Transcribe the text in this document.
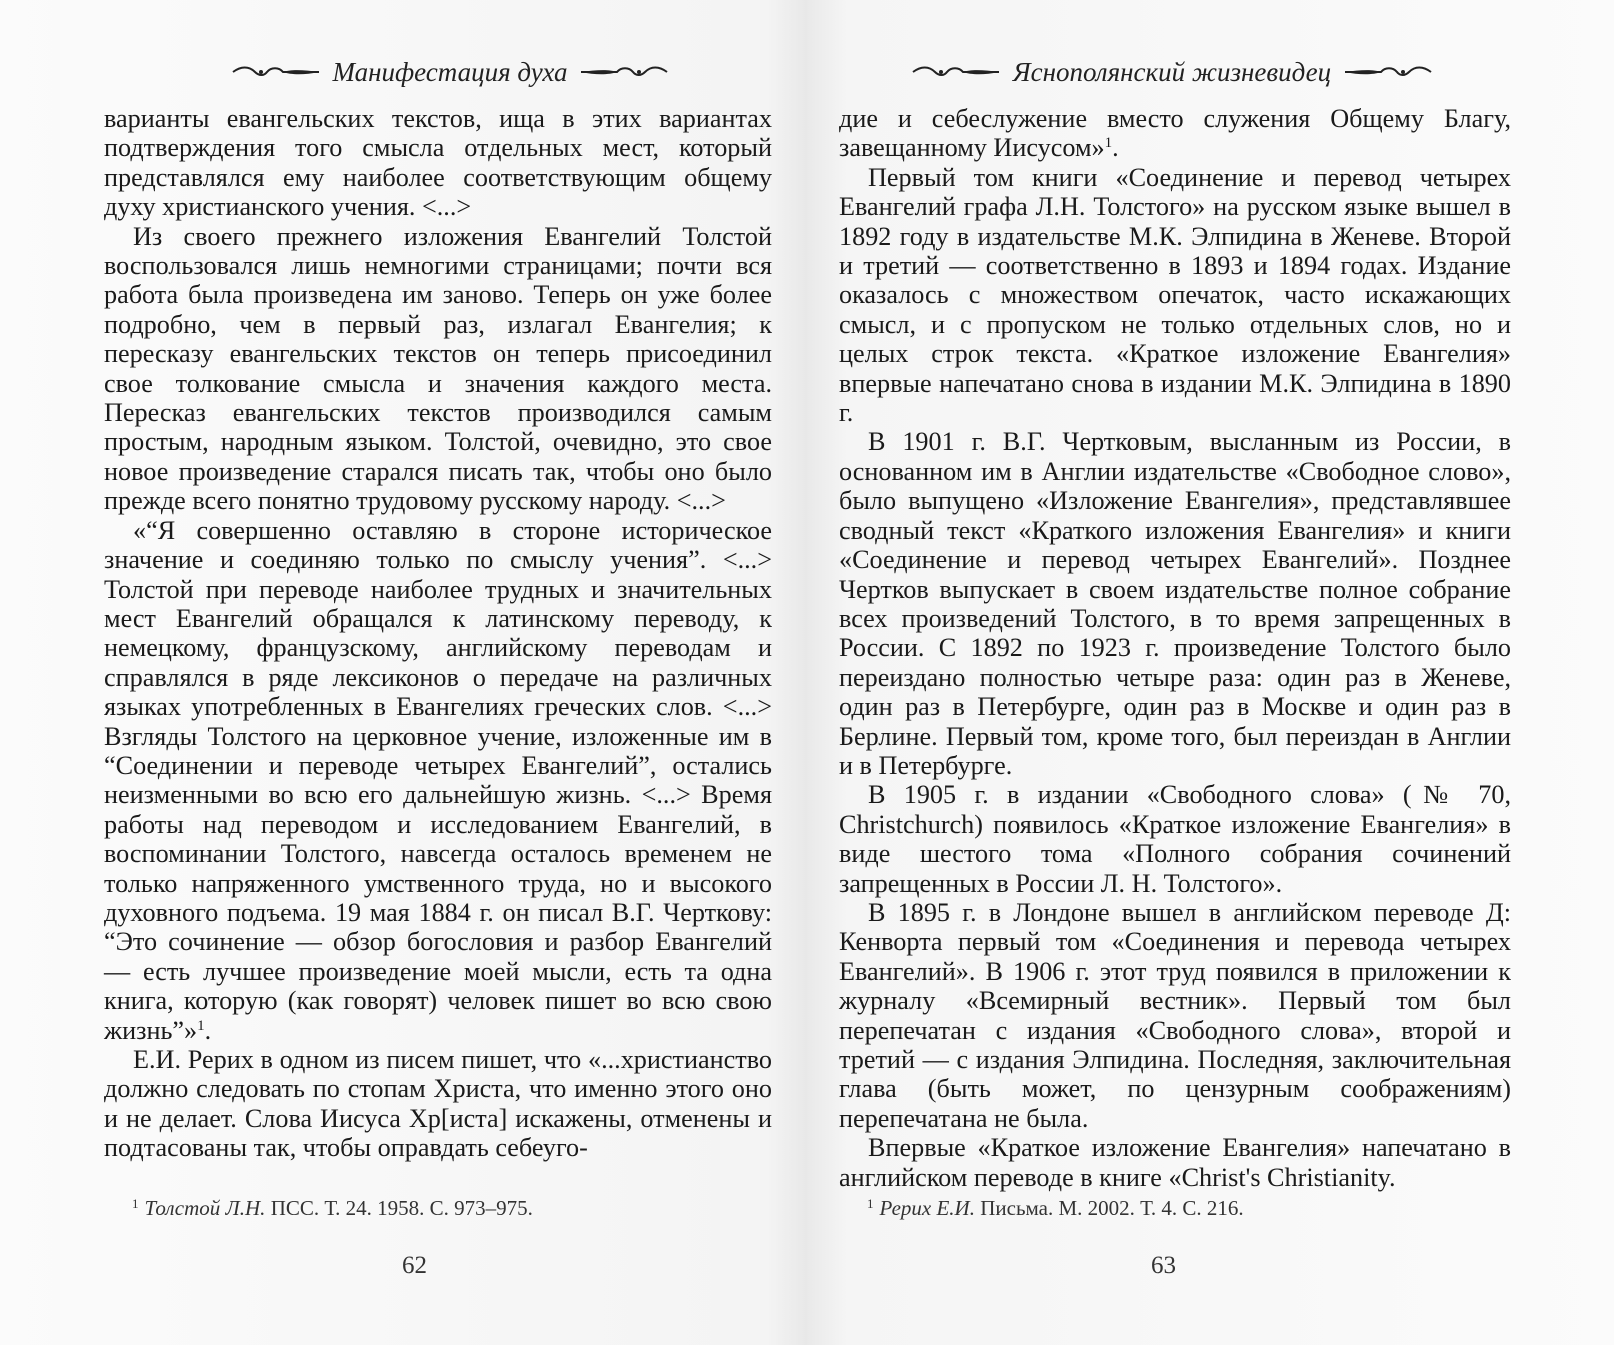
Манифестация духа

варианты евангельских текстов, ища в этих вариантах подтверждения того смысла отдельных мест, который представлялся ему наиболее соответствующим общему духу христианского учения. <...>

Из своего прежнего изложения Евангелий Толстой воспользовался лишь немногими страницами; почти вся работа была произведена им заново. Теперь он уже более подробно, чем в первый раз, излагал Евангелия; к пересказу евангельских текстов он теперь присоединил свое толкование смысла и значения каждого места. Пересказ евангельских текстов производился самым простым, народным языком. Толстой, очевидно, это свое новое произведение старался писать так, чтобы оно было прежде всего понятно трудовому русскому народу. <...>

«“Я совершенно оставляю в стороне историческое значение и соединяю только по смыслу учения”. <...> Толстой при переводе наиболее трудных и значительных мест Евангелий обращался к латинскому переводу, к немецкому, французскому, английскому переводам и справлялся в ряде лексиконов о передаче на различных языках употребленных в Евангелиях греческих слов. <...> Взгляды Толстого на церковное учение, изложенные им в “Соединении и переводе четырех Евангелий”, остались неизменными во всю его дальнейшую жизнь. <...> Время работы над переводом и исследованием Евангелий, в воспоминании Толстого, навсегда осталось временем не только напряженного умственного труда, но и высокого духовного подъема. 19 мая 1884 г. он писал В.Г. Черткову: “Это сочинение — обзор богословия и разбор Евангелий — есть лучшее произведение моей мысли, есть та одна книга, которую (как говорят) человек пишет во всю свою жизнь”»$^1$.

Е.И. Рерих в одном из писем пишет, что «...христианство должно следовать по стопам Христа, что именно этого оно и не делает. Слова Иисуса Хр[иста] искажены, отменены и подтасованы так, чтобы оправдать себеуго-

$^1$ Толстой Л.Н. ПСС. Т. 24. 1958. С. 973–975.
62
Яснополянский жизневидец

дие и себеслужение вместо служения Общему Благу, завещанному Иисусом»$^1$.

Первый том книги «Соединение и перевод четырех Евангелий графа Л.Н. Толстого» на русском языке вышел в 1892 году в издательстве М.К. Элпидина в Женеве. Второй и третий — соответственно в 1893 и 1894 годах. Издание оказалось с множеством опечаток, часто искажающих смысл, и с пропуском не только отдельных слов, но и целых строк текста. «Краткое изложение Евангелия» впервые напечатано снова в издании М.К. Элпидина в 1890 г.

В 1901 г. В.Г. Чертковым, высланным из России, в основанном им в Англии издательстве «Свободное слово», было выпущено «Изложение Евангелия», представлявшее сводный текст «Краткого изложения Евангелия» и книги «Соединение и перевод четырех Евангелий». Позднее Чертков выпускает в своем издательстве полное собрание всех произведений Толстого, в то время запрещенных в России. С 1892 по 1923 г. произведение Толстого было переиздано полностью четыре раза: один раз в Женеве, один раз в Петербурге, один раз в Москве и один раз в Берлине. Первый том, кроме того, был переиздан в Англии и в Петербурге.

В 1905 г. в издании «Свободного слова» (№ 70, Christchurch) появилось «Краткое изложение Евангелия» в виде шестого тома «Полного собрания сочинений запрещенных в России Л. Н. Толстого».

В 1895 г. в Лондоне вышел в английском переводе Д: Кенворта первый том «Соединения и перевода четырех Евангелий». В 1906 г. этот труд появился в приложении к журналу «Всемирный вестник». Первый том был перепечатан с издания «Свободного слова», второй и третий — с издания Элпидина. Последняя, заключительная глава (быть может, по цензурным соображениям) перепечатана не была.

Впервые «Краткое изложение Евангелия» напечатано в английском переводе в книге «Christ's Christianity.

$^1$ Рерих Е.И. Письма. М. 2002. Т. 4. С. 216.
63
